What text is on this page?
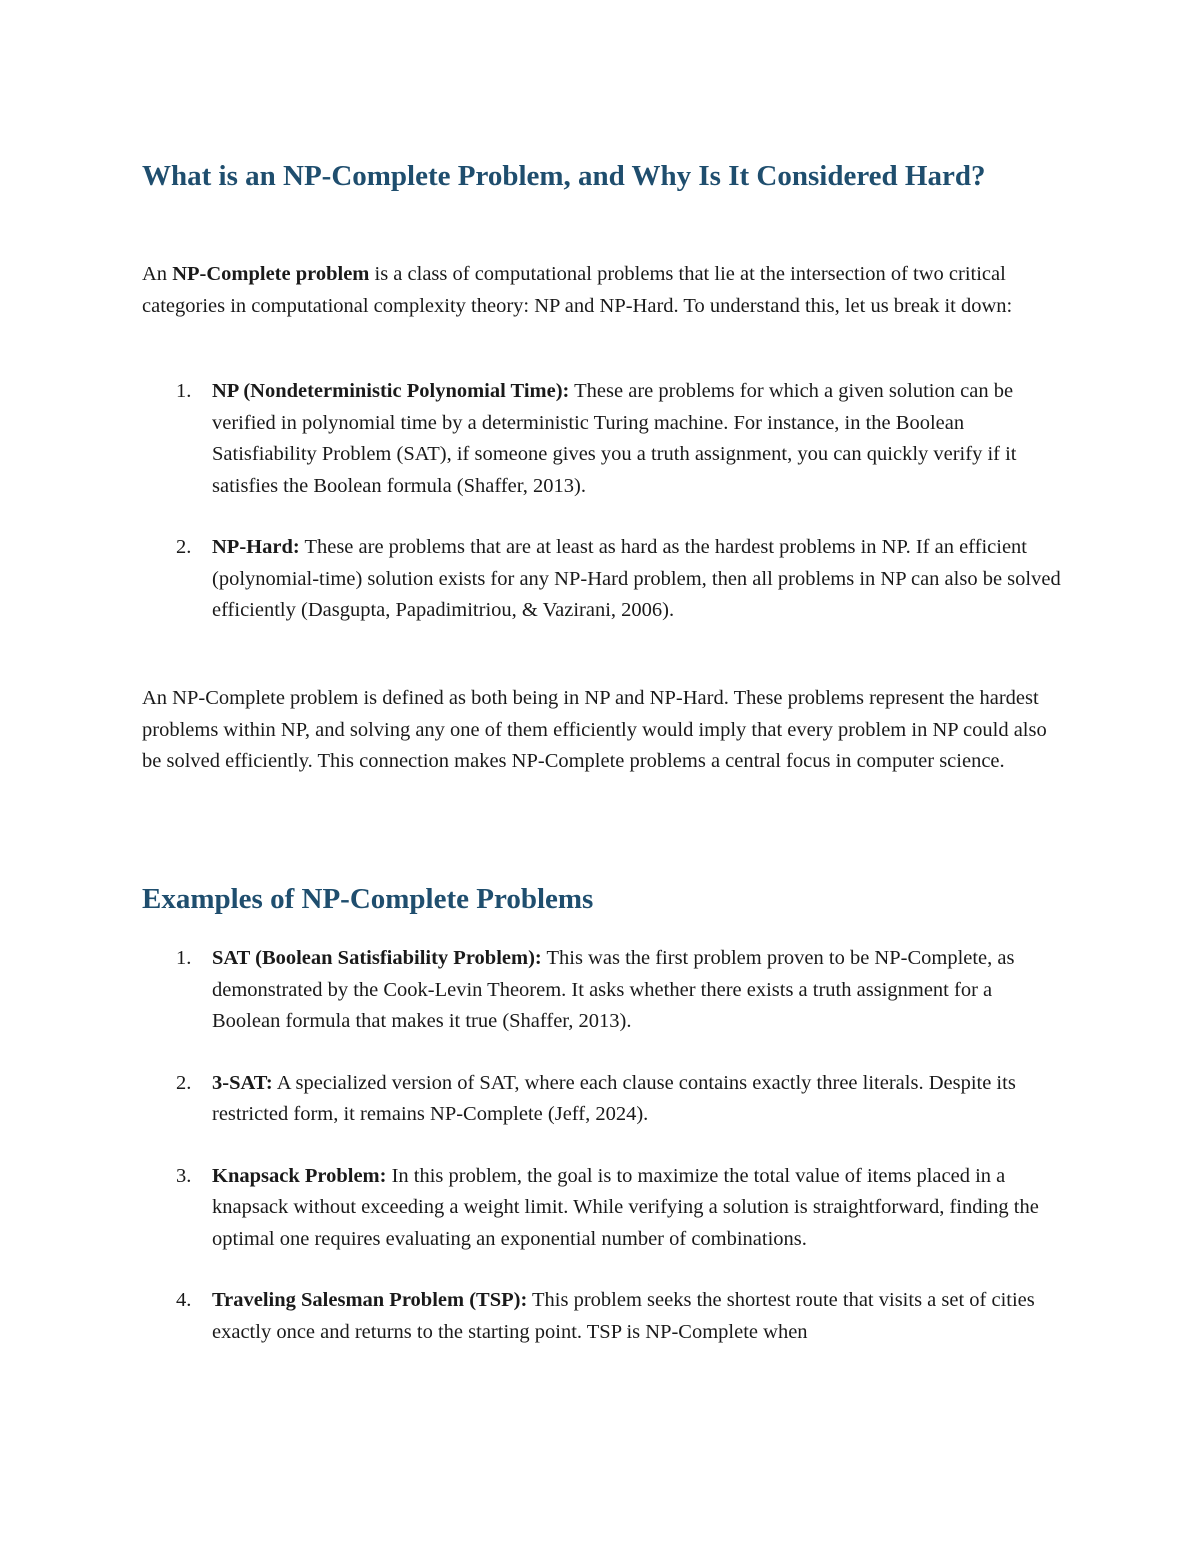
What is an NP-Complete Problem, and Why Is It Considered Hard?

An NP-Complete problem is a class of computational problems that lie at the intersection of two critical categories in computational complexity theory: NP and NP-Hard. To understand this, let us break it down:

1. NP (Nondeterministic Polynomial Time): These are problems for which a given solution can be verified in polynomial time by a deterministic Turing machine. For instance, in the Boolean Satisfiability Problem (SAT), if someone gives you a truth assignment, you can quickly verify if it satisfies the Boolean formula (Shaffer, 2013).
2. NP-Hard: These are problems that are at least as hard as the hardest problems in NP. If an efficient (polynomial-time) solution exists for any NP-Hard problem, then all problems in NP can also be solved efficiently (Dasgupta, Papadimitriou, & Vazirani, 2006).

An NP-Complete problem is defined as both being in NP and NP-Hard. These problems represent the hardest problems within NP, and solving any one of them efficiently would imply that every problem in NP could also be solved efficiently. This connection makes NP-Complete problems a central focus in computer science.

Examples of NP-Complete Problems
1. SAT (Boolean Satisfiability Problem): This was the first problem proven to be NP-Complete, as demonstrated by the Cook-Levin Theorem. It asks whether there exists a truth assignment for a Boolean formula that makes it true (Shaffer, 2013).
2. 3-SAT: A specialized version of SAT, where each clause contains exactly three literals. Despite its restricted form, it remains NP-Complete (Jeff, 2024).
3. Knapsack Problem: In this problem, the goal is to maximize the total value of items placed in a knapsack without exceeding a weight limit. While verifying a solution is straightforward, finding the optimal one requires evaluating an exponential number of combinations.
4. Traveling Salesman Problem (TSP): This problem seeks the shortest route that visits a set of cities exactly once and returns to the starting point. TSP is NP-Complete when
